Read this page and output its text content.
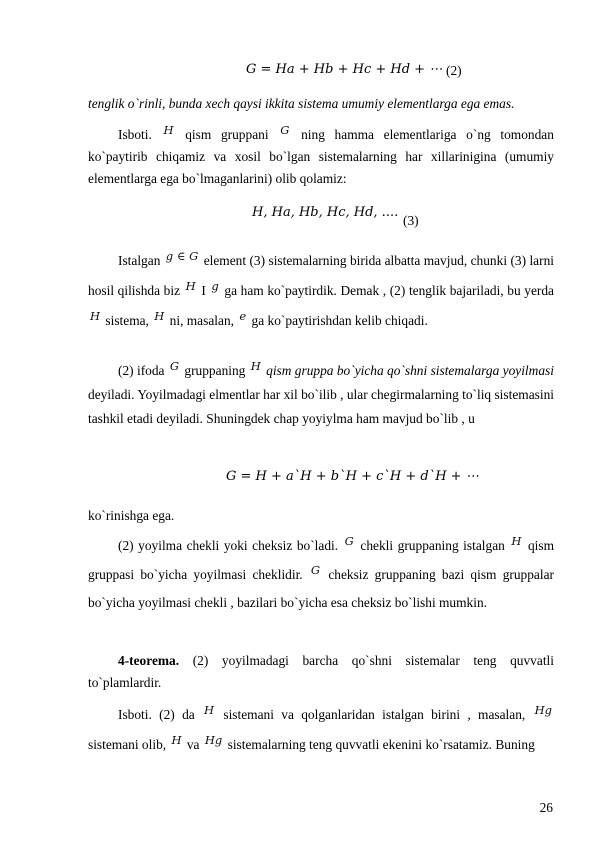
G = Ha + Hb + Hc + Hd + ⋯ (2)
tenglik o`rinli, bunda xech qaysi ikkita sistema umumiy elementlarga ega emas.
Isboti. H qism gruppani G ning hamma elementlariga o`ng tomondan ko`paytirib chiqamiz va xosil bo`lgan sistemalarning har xillarinigina (umumiy elementlarga ega bo`lmaganlarini) olib qolamiz:
H, Ha, Hb, Hc, Hd, ....
(3)
Istalgan g ∈ G element (3) sistemalarning birida albatta mavjud, chunki (3) larni hosil qilishda biz H I g ga ham ko`paytirdik. Demak , (2) tenglik bajariladi, bu yerda H sistema, H ni, masalan, e ga ko`paytirishdan kelib chiqadi.
(2) ifoda G gruppaning H qism gruppa bo`yicha qo`shni sistemalarga yoyilmasi deyiladi. Yoyilmadagi elmentlar har xil bo`ilib , ular chegirmalarning to`liq sistemasini tashkil etadi deyiladi. Shuningdek chap yoyiylma ham mavjud bo`lib , u
G = H + a`H + b`H + c`H + d`H + ⋯
ko`rinishga ega.
(2) yoyilma chekli yoki cheksiz bo`ladi. G chekli gruppaning istalgan H qism gruppasi bo`yicha yoyilmasi cheklidir. G cheksiz gruppaning bazi qism gruppalar bo`yicha yoyilmasi chekli , bazilari bo`yicha esa cheksiz bo`lishi mumkin.
4-teorema. (2) yoyilmadagi barcha qo`shni sistemalar teng quvvatli to`plamlardir.
Isboti. (2) da H sistemani va qolganlaridan istalgan birini , masalan, Hg sistemani olib, H va Hg sistemalarning teng quvvatli ekenini ko`rsatamiz. Buning
26
